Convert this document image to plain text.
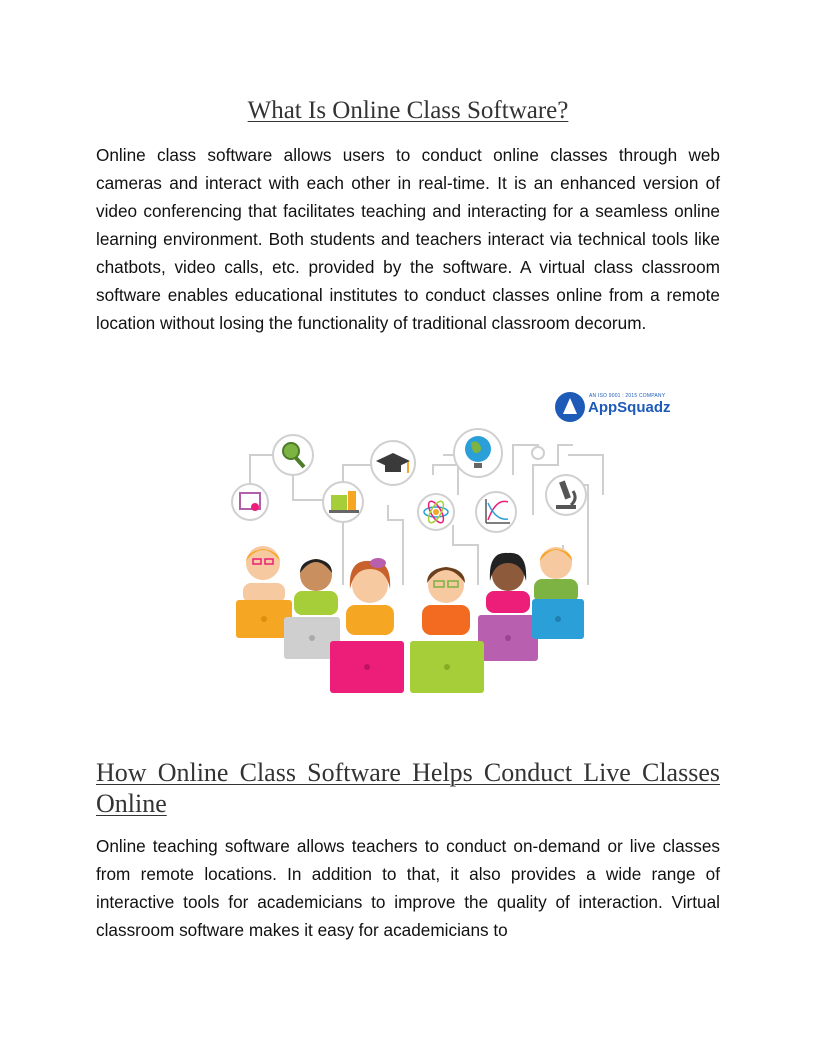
What Is Online Class Software?

Online class software allows users to conduct online classes through web cameras and interact with each other in real-time. It is an enhanced version of video conferencing that facilitates teaching and interacting for a seamless online learning environment. Both students and teachers interact via technical tools like chatbots, video calls, etc. provided by the software. A virtual class classroom software enables educational institutes to conduct classes online from a remote location without losing the functionality of traditional classroom decorum.

AN ISO 9001 : 2015 COMPANY
AppSquadz
How Online Class Software Helps Conduct Live Classes Online

Online teaching software allows teachers to conduct on-demand or live classes from remote locations. In addition to that, it also provides a wide range of interactive tools for academicians to improve the quality of interaction. Virtual classroom software makes it easy for academicians to
